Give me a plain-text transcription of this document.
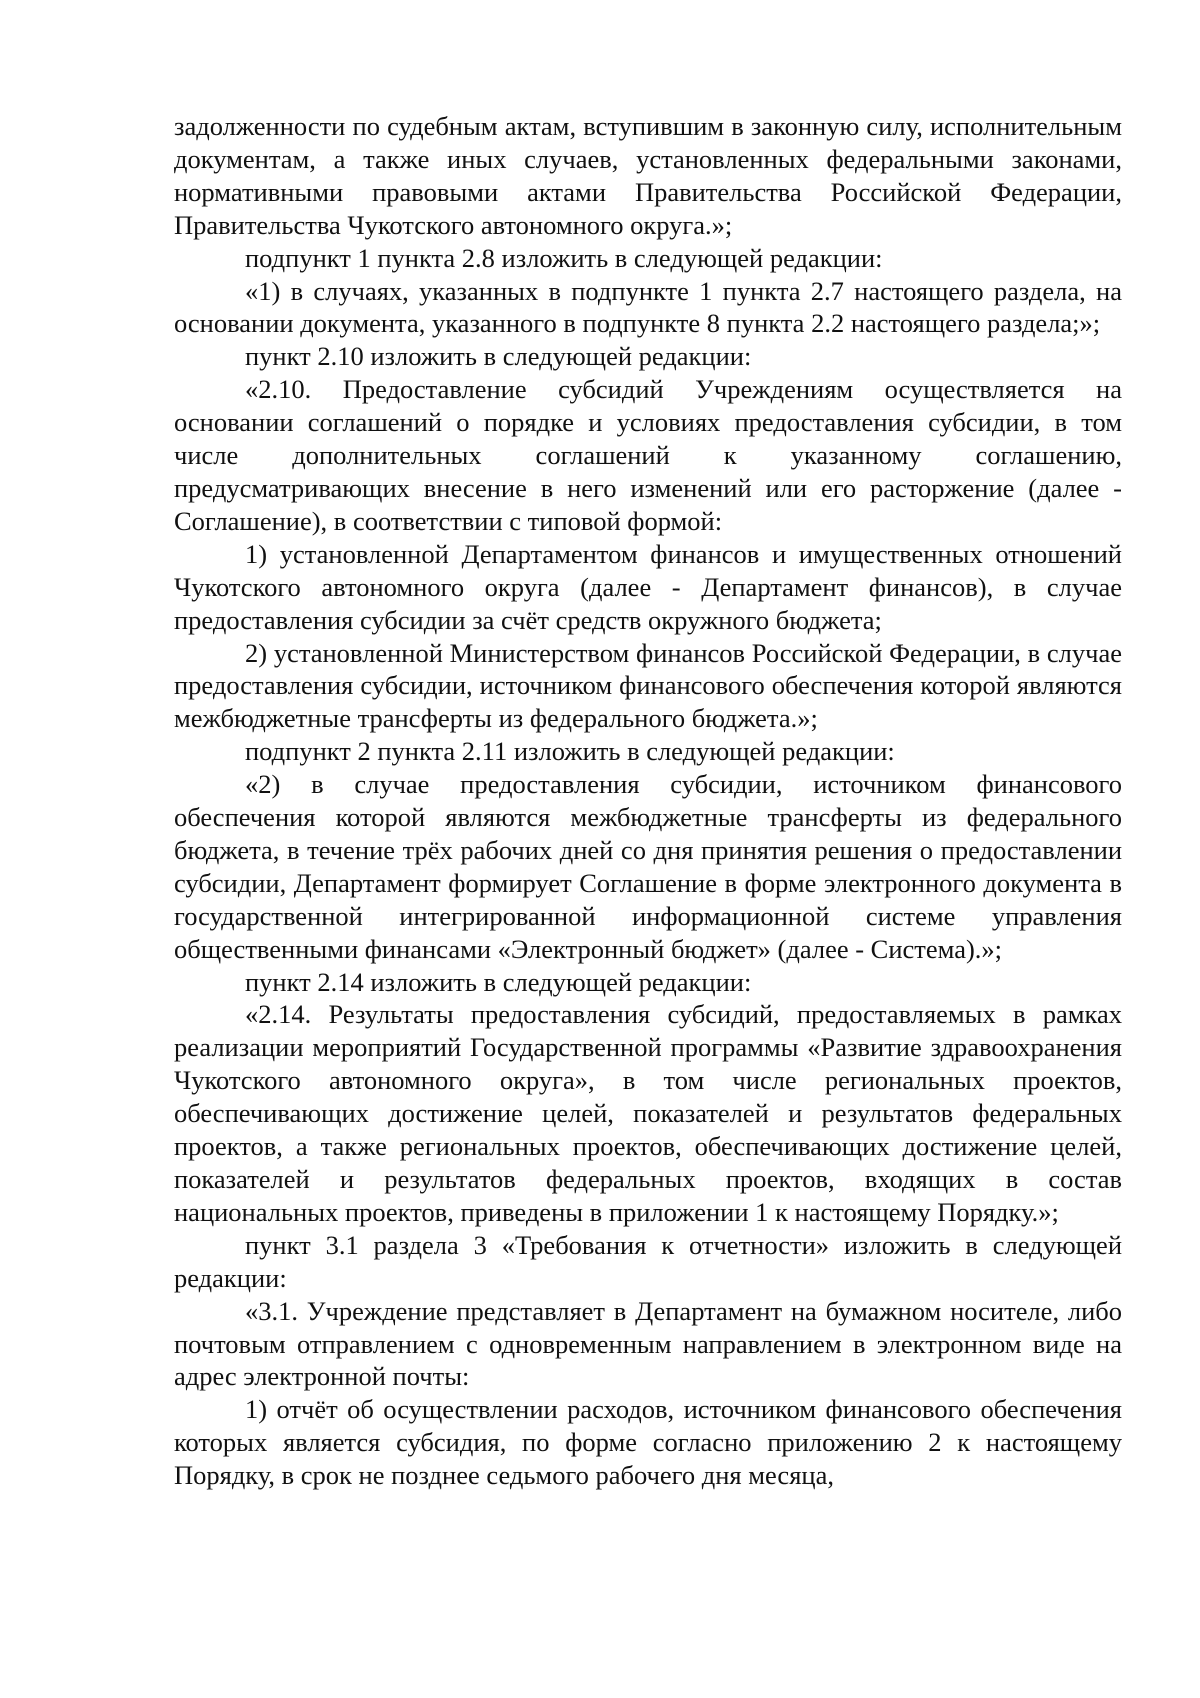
задолженности по судебным актам, вступившим в законную силу, исполнительным документам, а также иных случаев, установленных федеральными законами, нормативными правовыми актами Правительства Российской Федерации, Правительства Чукотского автономного округа.»;

подпункт 1 пункта 2.8 изложить в следующей редакции:

«1) в случаях, указанных в подпункте 1 пункта 2.7 настоящего раздела, на основании документа, указанного в подпункте 8 пункта 2.2 настоящего раздела;»;

пункт 2.10 изложить в следующей редакции:

«2.10. Предоставление субсидий Учреждениям осуществляется на основании соглашений о порядке и условиях предоставления субсидии, в том числе дополнительных соглашений к указанному соглашению, предусматривающих внесение в него изменений или его расторжение (далее - Соглашение), в соответствии с типовой формой:

1) установленной Департаментом финансов и имущественных отношений Чукотского автономного округа (далее - Департамент финансов), в случае предоставления субсидии за счёт средств окружного бюджета;

2) установленной Министерством финансов Российской Федерации, в случае предоставления субсидии, источником финансового обеспечения которой являются межбюджетные трансферты из федерального бюджета.»;

подпункт 2 пункта 2.11 изложить в следующей редакции:

«2) в случае предоставления субсидии, источником финансового обеспечения которой являются межбюджетные трансферты из федерального бюджета, в течение трёх рабочих дней со дня принятия решения о предоставлении субсидии, Департамент формирует Соглашение в форме электронного документа в государственной интегрированной информационной системе управления общественными финансами «Электронный бюджет» (далее - Система).»;

пункт 2.14 изложить в следующей редакции:

«2.14. Результаты предоставления субсидий, предоставляемых в рамках реализации мероприятий Государственной программы «Развитие здравоохранения Чукотского автономного округа», в том числе региональных проектов, обеспечивающих достижение целей, показателей и результатов федеральных проектов, а также региональных проектов, обеспечивающих достижение целей, показателей и результатов федеральных проектов, входящих в состав национальных проектов, приведены в приложении 1 к настоящему Порядку.»;

пункт 3.1 раздела 3 «Требования к отчетности» изложить в следующей редакции:

«3.1. Учреждение представляет в Департамент на бумажном носителе, либо почтовым отправлением с одновременным направлением в электронном виде на адрес электронной почты:

1) отчёт об осуществлении расходов, источником финансового обеспечения которых является субсидия, по форме согласно приложению 2 к настоящему Порядку, в срок не позднее седьмого рабочего дня месяца,
